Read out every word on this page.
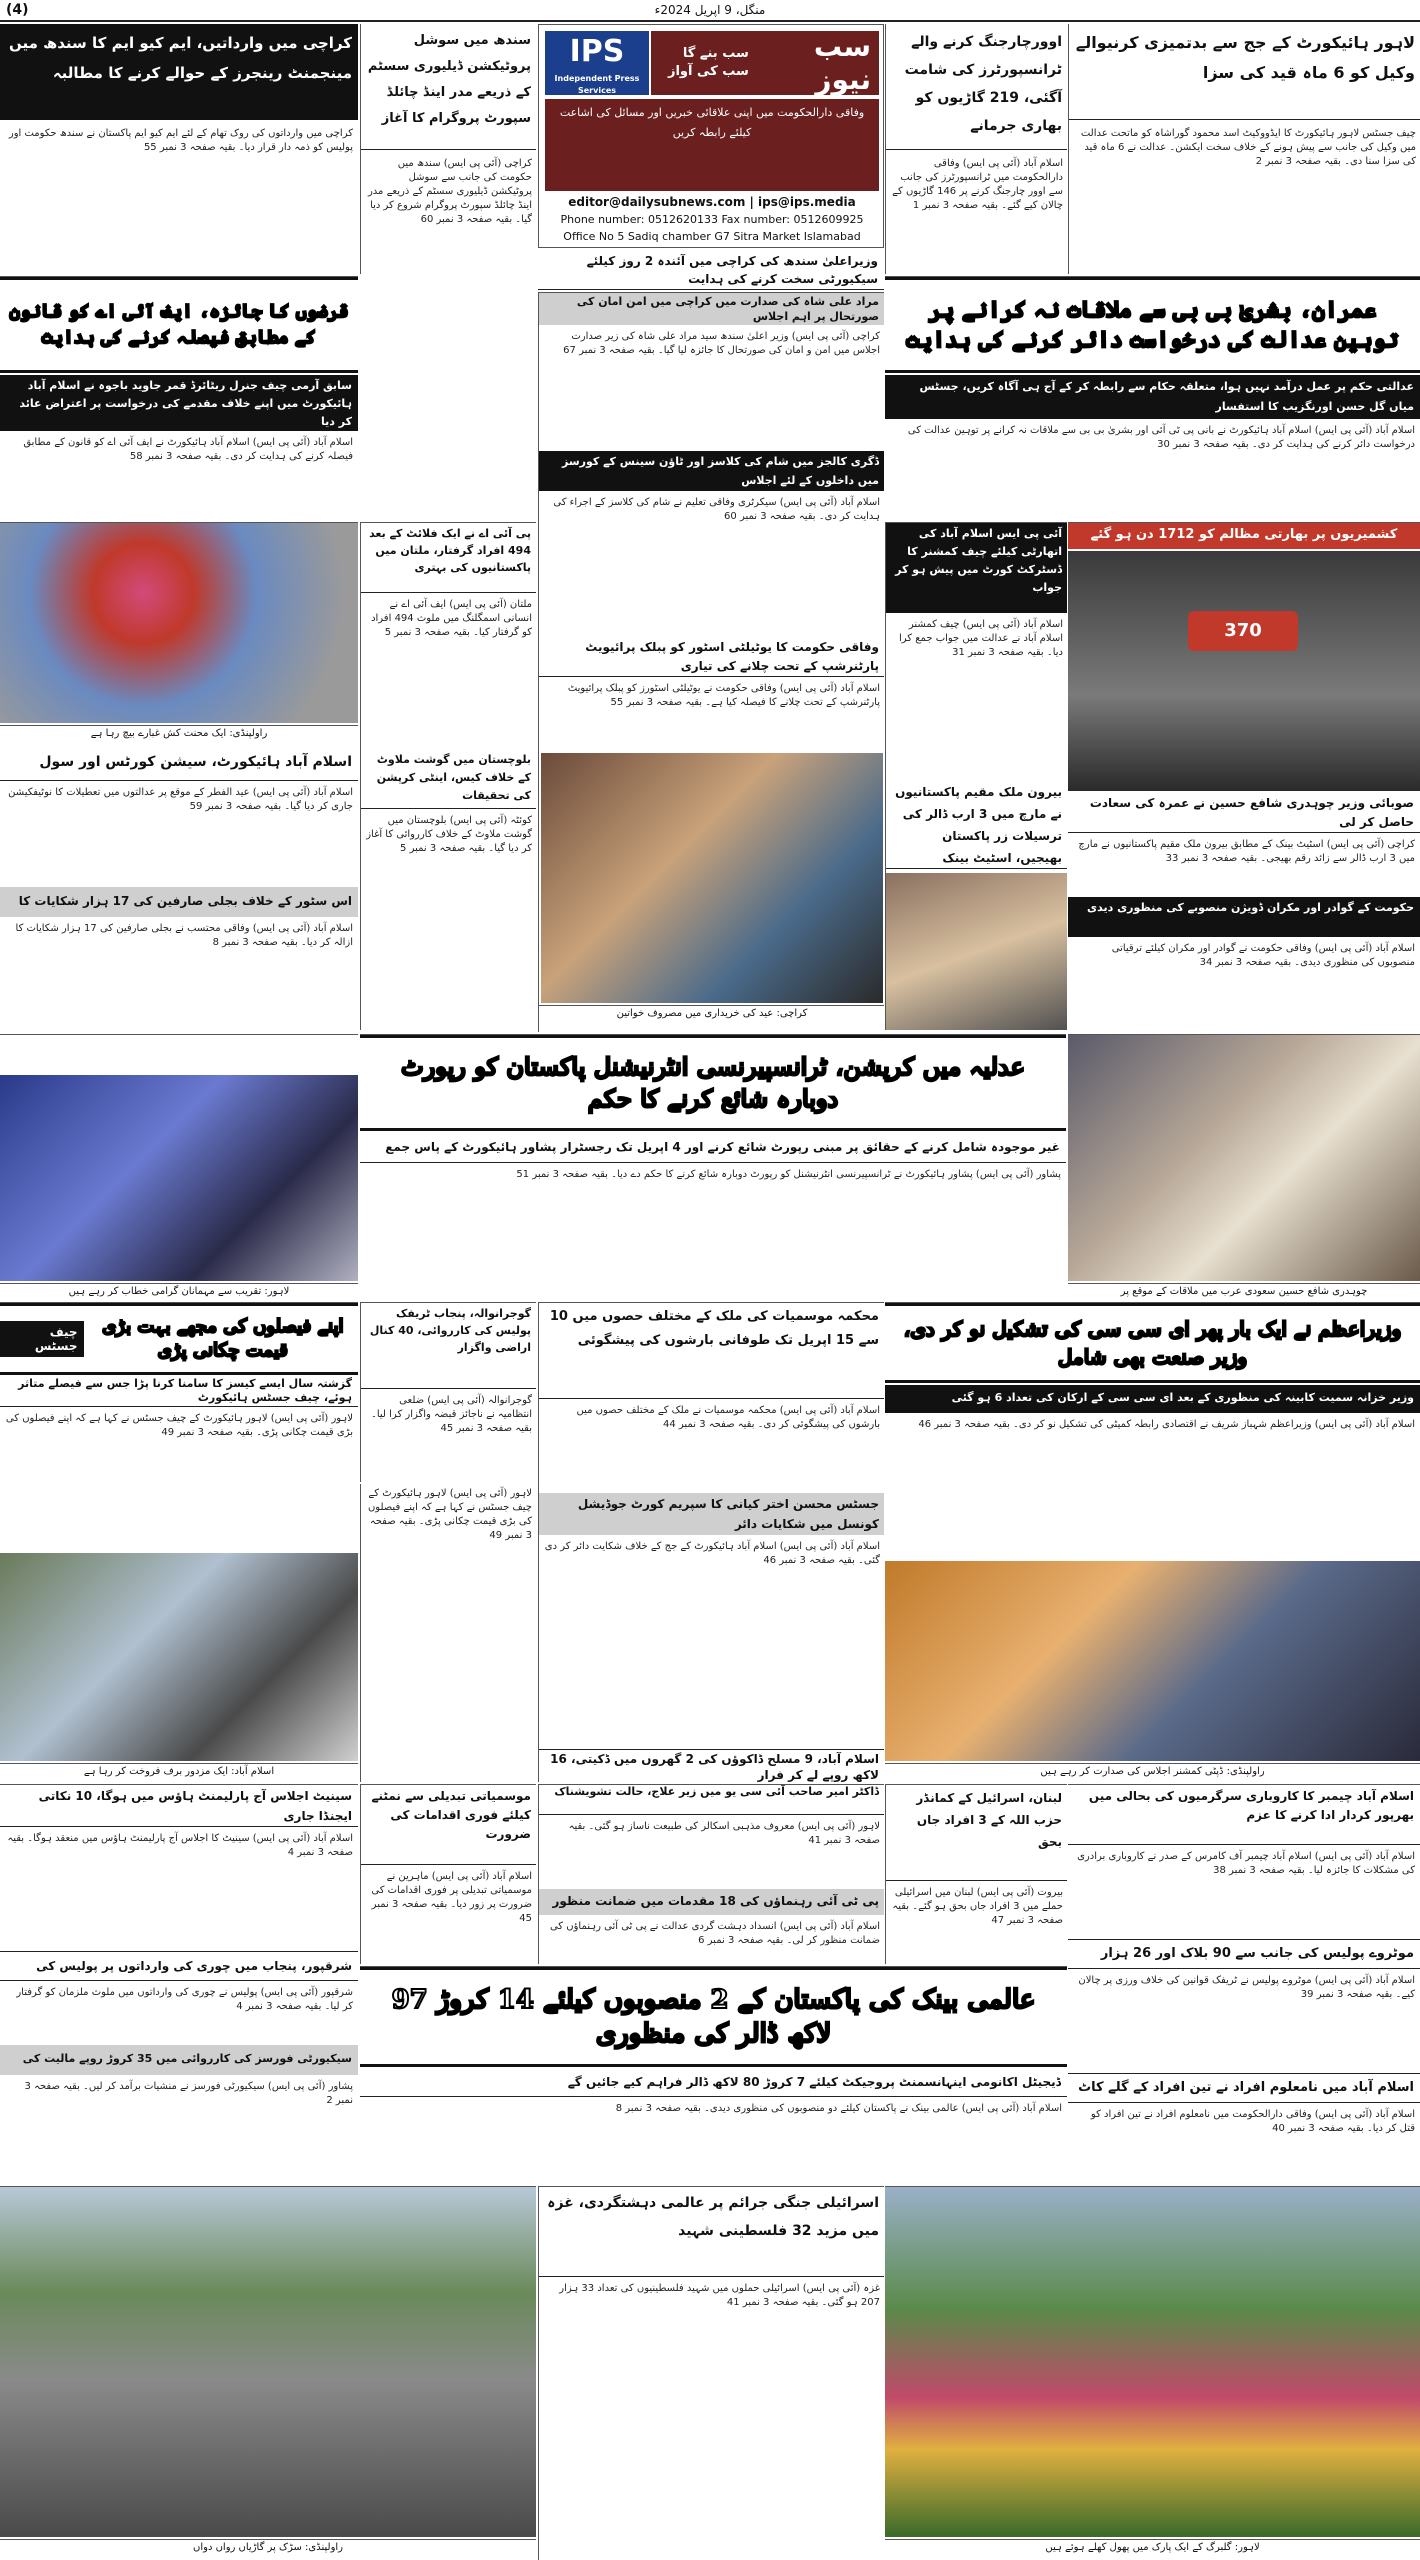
(4)	منگل، 9 اپریل 2024ء
لاہور ہائیکورٹ کے جج سے بدتمیزی کرنیوالے وکیل کو 6 ماہ قید کی سزا
چیف جسٹس لاہور ہائیکورٹ کا ایڈووکیٹ اسد محمود گوراشاہ کو ماتحت عدالت میں وکیل کی جانب سے پیش ہونے کے خلاف سخت ایکشن۔ عدالت نے 6 ماہ قید کی سزا سنا دی۔ بقیہ صفحہ 3 نمبر 2
اوورچارجنگ کرنے والے ٹرانسپورٹرز کی شامت آگئی، 219 گاڑیوں کو بھاری جرمانے
اسلام آباد (آئی پی ایس) وفاقی دارالحکومت میں ٹرانسپورٹرز کی جانب سے اوور چارجنگ کرنے پر 146 گاڑیوں کے چالان کیے گئے۔ بقیہ صفحہ 3 نمبر 1
IPS
Independent Press Services
سب نیوز
سب بنے گا سب کی آواز
وفاقی دارالحکومت میں اپنی علاقائی خبریں اور مسائل کی اشاعت کیلئے رابطہ کریں
editor@dailysubnews.com | ips@ips.media
Phone number: 0512620133 Fax number: 0512609925
Office No 5 Sadiq chamber G7 Sitra Market Islamabad
سندھ میں سوشل پروٹیکشن ڈیلیوری سسٹم کے ذریعے مدر اینڈ چائلڈ سپورٹ پروگرام کا آغاز
کراچی (آئی پی ایس) سندھ میں حکومت کی جانب سے سوشل پروٹیکشن ڈیلیوری سسٹم کے ذریعے مدر اینڈ چائلڈ سپورٹ پروگرام شروع کر دیا گیا۔ بقیہ صفحہ 3 نمبر 60
کراچی میں وارداتیں، ایم کیو ایم کا سندھ میں مینجمنٹ رینجرز کے حوالے کرنے کا مطالبہ
کراچی میں وارداتوں کی روک تھام کے لئے ایم کیو ایم پاکستان نے سندھ حکومت اور پولیس کو ذمہ دار قرار دیا۔ بقیہ صفحہ 3 نمبر 55
وزیراعلیٰ سندھ کی کراچی میں آئندہ 2 روز کیلئے سیکیورٹی سخت کرنے کی ہدایت
عمران، بشریٰ بی بی سے ملاقات نہ کرانے پر توہین عدالت کی درخواست دائر کرنے کی ہدایت
عدالتی حکم پر عمل درآمد نہیں ہوا، متعلقہ حکام سے رابطہ کر کے آج ہی آگاہ کریں، جسٹس میاں گل حسن اورنگزیب کا استفسار
اسلام آباد (آئی پی ایس) اسلام آباد ہائیکورٹ نے بانی پی ٹی آئی اور بشریٰ بی بی سے ملاقات نہ کرانے پر توہین عدالت کی درخواست دائر کرنے کی ہدایت کر دی۔ بقیہ صفحہ 3 نمبر 30
قرضوں کا جائزہ، ایف آئی اے کو قانون کے مطابق فیصلہ کرنے کی ہدایت
سابق آرمی چیف جنرل ریٹائرڈ قمر جاوید باجوہ نے اسلام آباد ہائیکورٹ میں اپنے خلاف مقدمے کی درخواست پر اعتراض عائد کر دیا
اسلام آباد (آئی پی ایس) اسلام آباد ہائیکورٹ نے ایف آئی اے کو قانون کے مطابق فیصلہ کرنے کی ہدایت کر دی۔ بقیہ صفحہ 3 نمبر 58
مراد علی شاہ کی صدارت میں کراچی میں امن امان کی صورتحال پر اہم اجلاس
کراچی (آئی پی ایس) وزیر اعلیٰ سندھ سید مراد علی شاہ کی زیر صدارت اجلاس میں امن و امان کی صورتحال کا جائزہ لیا گیا۔ بقیہ صفحہ 3 نمبر 67
ڈگری کالجز میں شام کی کلاسز اور ٹاؤن سینس کے کورسز میں داخلوں کے لئے اجلاس
اسلام آباد (آئی پی ایس) سیکرٹری وفاقی تعلیم نے شام کی کلاسز کے اجراء کی ہدایت کر دی۔ بقیہ صفحہ 3 نمبر 60
وفاقی حکومت کا یوٹیلٹی اسٹور کو پبلک پرائیویٹ پارٹنرشپ کے تحت چلانے کی تیاری
اسلام آباد (آئی پی ایس) وفاقی حکومت نے یوٹیلٹی اسٹورز کو پبلک پرائیویٹ پارٹنرشپ کے تحت چلانے کا فیصلہ کیا ہے۔ بقیہ صفحہ 3 نمبر 55
کراچی: عید کی خریداری میں مصروف خواتین
کشمیریوں پر بھارتی مظالم کو 1712 دن ہو گئے
370
صوبائی وزیر چوہدری شافع حسین نے عمرہ کی سعادت حاصل کر لی
کراچی (آئی پی ایس) اسٹیٹ بینک کے مطابق بیرون ملک مقیم پاکستانیوں نے مارچ میں 3 ارب ڈالر سے زائد رقم بھیجی۔ بقیہ صفحہ 3 نمبر 33
حکومت کے گوادر اور مکران ڈویژن منصوبے کی منظوری دیدی
اسلام آباد (آئی پی ایس) وفاقی حکومت نے گوادر اور مکران کیلئے ترقیاتی منصوبوں کی منظوری دیدی۔ بقیہ صفحہ 3 نمبر 34
آئی پی ایس اسلام آباد کی اتھارٹی کیلئے چیف کمشنر کا ڈسٹرکٹ کورٹ میں پیش ہو کر جواب
اسلام آباد (آئی پی ایس) چیف کمشنر اسلام آباد نے عدالت میں جواب جمع کرا دیا۔ بقیہ صفحہ 3 نمبر 31
بیرون ملک مقیم پاکستانیوں نے مارچ میں 3 ارب ڈالر کی ترسیلات زر پاکستان بھیجیں، اسٹیٹ بینک
پی آئی اے نے ایک فلائٹ کے بعد 494 افراد گرفتار، ملتان میں پاکستانیوں کی بہتری
ملتان (آئی پی ایس) ایف آئی اے نے انسانی اسمگلنگ میں ملوث 494 افراد کو گرفتار کیا۔ بقیہ صفحہ 3 نمبر 5
بلوچستان میں گوشت ملاوٹ کے خلاف کیس، اینٹی کرپشن کی تحقیقات
کوئٹہ (آئی پی ایس) بلوچستان میں گوشت ملاوٹ کے خلاف کارروائی کا آغاز کر دیا گیا۔ بقیہ صفحہ 3 نمبر 5
راولپنڈی: ایک محنت کش غبارے بیچ رہا ہے
اسلام آباد ہائیکورٹ، سیشن کورٹس اور سول
اسلام آباد (آئی پی ایس) عید الفطر کے موقع پر عدالتوں میں تعطیلات کا نوٹیفکیشن جاری کر دیا گیا۔ بقیہ صفحہ 3 نمبر 59
اس سٹور کے خلاف بجلی صارفین کی 17 ہزار شکایات کا
اسلام آباد (آئی پی ایس) وفاقی محتسب نے بجلی صارفین کی 17 ہزار شکایات کا ازالہ کر دیا۔ بقیہ صفحہ 3 نمبر 8
عدلیہ میں کرپشن، ٹرانسپیرنسی انٹرنیشنل پاکستان کو رپورٹ دوبارہ شائع کرنے کا حکم
غیر موجودہ شامل کرنے کے حقائق پر مبنی رپورٹ شائع کرنے اور 4 اپریل تک رجسٹرار پشاور ہائیکورٹ کے پاس جمع
پشاور (آئی پی ایس) پشاور ہائیکورٹ نے ٹرانسپیرنسی انٹرنیشنل کو رپورٹ دوبارہ شائع کرنے کا حکم دے دیا۔ بقیہ صفحہ 3 نمبر 51
چوہدری شافع حسین سعودی عرب میں ملاقات کے موقع پر
لاہور: تقریب سے مہمانان گرامی خطاب کر رہے ہیں
وزیراعظم نے ایک بار پھر ای سی سی کی تشکیل نو کر دی، وزیر صنعت بھی شامل
وزیر خزانہ سمیت کابینہ کی منظوری کے بعد ای سی سی کے ارکان کی تعداد 6 ہو گئی
اسلام آباد (آئی پی ایس) وزیراعظم شہباز شریف نے اقتصادی رابطہ کمیٹی کی تشکیل نو کر دی۔ بقیہ صفحہ 3 نمبر 46
راولپنڈی: ڈپٹی کمشنر اجلاس کی صدارت کر رہے ہیں
محکمہ موسمیات کی ملک کے مختلف حصوں میں 10 سے 15 اپریل تک طوفانی بارشوں کی پیشگوئی
اسلام آباد (آئی پی ایس) محکمہ موسمیات نے ملک کے مختلف حصوں میں بارشوں کی پیشگوئی کر دی۔ بقیہ صفحہ 3 نمبر 44
جسٹس محسن اختر کیانی کا سپریم کورٹ جوڈیشل کونسل میں شکایات دائر
اسلام آباد (آئی پی ایس) اسلام آباد ہائیکورٹ کے جج کے خلاف شکایت دائر کر دی گئی۔ بقیہ صفحہ 3 نمبر 46
اسلام آباد، 9 مسلح ڈاکوؤں کی 2 گھروں میں ڈکیتی، 16 لاکھ روپے لے کر فرار
گوجرانوالہ، پنجاب ٹریفک پولیس کی کارروائی، 40 کنال اراضی واگزار
گوجرانوالہ (آئی پی ایس) ضلعی انتظامیہ نے ناجائز قبضہ واگزار کرا لیا۔ بقیہ صفحہ 3 نمبر 45
اپنے فیصلوں کی مجھے بہت بڑی قیمت چکانی پڑی
چیف جسٹس
گزشتہ سال ایسے کیسز کا سامنا کرنا پڑا جس سے فیصلے متاثر ہوئے، چیف جسٹس ہائیکورٹ
لاہور (آئی پی ایس) لاہور ہائیکورٹ کے چیف جسٹس نے کہا ہے کہ اپنے فیصلوں کی بڑی قیمت چکانی پڑی۔ بقیہ صفحہ 3 نمبر 49
اسلام آباد: ایک مزدور برف فروخت کر رہا ہے
لاہور (آئی پی ایس) لاہور ہائیکورٹ کے چیف جسٹس نے کہا ہے کہ اپنے فیصلوں کی بڑی قیمت چکانی پڑی۔ بقیہ صفحہ 3 نمبر 49
اسلام آباد چیمبر کا کاروباری سرگرمیوں کی بحالی میں بھرپور کردار ادا کرنے کا عزم
اسلام آباد (آئی پی ایس) اسلام آباد چیمبر آف کامرس کے صدر نے کاروباری برادری کی مشکلات کا جائزہ لیا۔ بقیہ صفحہ 3 نمبر 38
موٹروے پولیس کی جانب سے 90 بلاک اور 26 ہزار
اسلام آباد (آئی پی ایس) موٹروے پولیس نے ٹریفک قوانین کی خلاف ورزی پر چالان کیے۔ بقیہ صفحہ 3 نمبر 39
اسلام آباد میں نامعلوم افراد نے تین افراد کے گلے کاٹ
اسلام آباد (آئی پی ایس) وفاقی دارالحکومت میں نامعلوم افراد نے تین افراد کو قتل کر دیا۔ بقیہ صفحہ 3 نمبر 40
لبنان، اسرائیل کے کمانڈر حزب اللہ کے 3 افراد جاں بحق
بیروت (آئی پی ایس) لبنان میں اسرائیلی حملے میں 3 افراد جاں بحق ہو گئے۔ بقیہ صفحہ 3 نمبر 47
ڈاکٹر امیر صاحب آئی سی یو میں زیر علاج، حالت تشویشناک
لاہور (آئی پی ایس) معروف مذہبی اسکالر کی طبیعت ناساز ہو گئی۔ بقیہ صفحہ 3 نمبر 41
پی ٹی آئی رہنماؤں کی 18 مقدمات میں ضمانت منظور
اسلام آباد (آئی پی ایس) انسداد دہشت گردی عدالت نے پی ٹی آئی رہنماؤں کی ضمانت منظور کر لی۔ بقیہ صفحہ 3 نمبر 6
موسمیاتی تبدیلی سے نمٹنے کیلئے فوری اقدامات کی ضرورت
اسلام آباد (آئی پی ایس) ماہرین نے موسمیاتی تبدیلی پر فوری اقدامات کی ضرورت پر زور دیا۔ بقیہ صفحہ 3 نمبر 45
سینیٹ اجلاس آج پارلیمنٹ ہاؤس میں ہوگا، 10 نکاتی ایجنڈا جاری
اسلام آباد (آئی پی ایس) سینیٹ کا اجلاس آج پارلیمنٹ ہاؤس میں منعقد ہوگا۔ بقیہ صفحہ 3 نمبر 4
شرقپور، پنجاب میں چوری کی وارداتوں پر پولیس کی
شرقپور (آئی پی ایس) پولیس نے چوری کی وارداتوں میں ملوث ملزمان کو گرفتار کر لیا۔ بقیہ صفحہ 3 نمبر 4
سیکیورٹی فورسز کی کارروائی میں 35 کروڑ روپے مالیت کی
پشاور (آئی پی ایس) سیکیورٹی فورسز نے منشیات برآمد کر لیں۔ بقیہ صفحہ 3 نمبر 2
عالمی بینک کی پاکستان کے 2 منصوبوں کیلئے 14 کروڑ 97 لاکھ ڈالر کی منظوری
ڈیجیٹل اکانومی اینہانسمنٹ پروجیکٹ کیلئے 7 کروڑ 80 لاکھ ڈالر فراہم کیے جائیں گے
اسلام آباد (آئی پی ایس) عالمی بینک نے پاکستان کیلئے دو منصوبوں کی منظوری دیدی۔ بقیہ صفحہ 3 نمبر 8
لاہور: گلبرگ کے ایک پارک میں پھول کھلے ہوئے ہیں
اسرائیلی جنگی جرائم پر عالمی دہشتگردی، غزہ میں مزید 32 فلسطینی شہید
غزہ (آئی پی ایس) اسرائیلی حملوں میں شہید فلسطینیوں کی تعداد 33 ہزار 207 ہو گئی۔ بقیہ صفحہ 3 نمبر 41
راولپنڈی: سڑک پر گاڑیاں رواں دواں
